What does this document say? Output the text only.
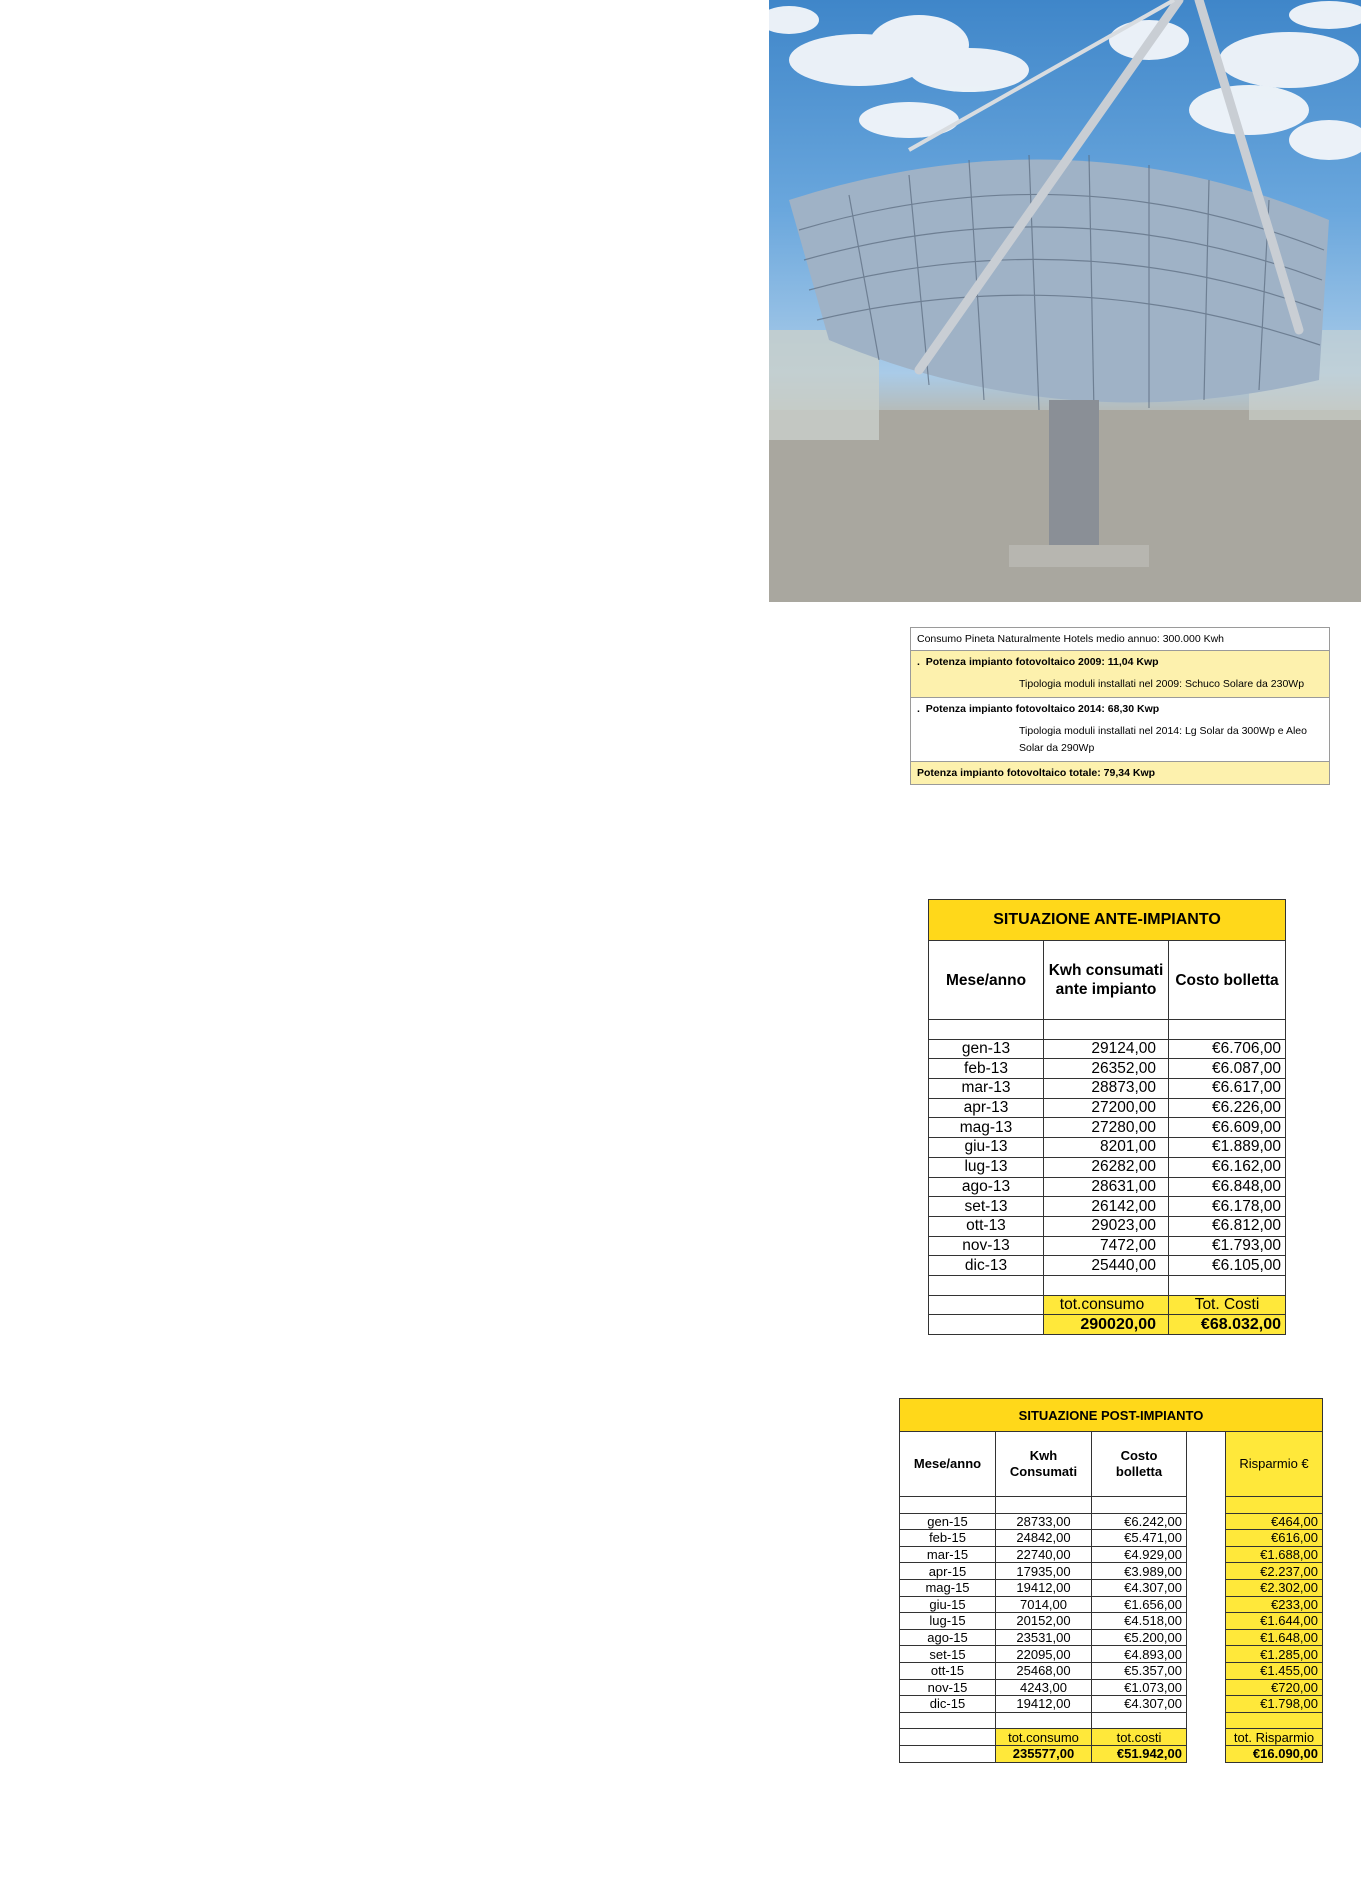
Consumo Pineta Naturalmente Hotels medio annuo: 300.000 Kwh
. Potenza impianto fotovoltaico 2009: 11,04 Kwp
Tipologia moduli installati nel 2009: Schuco Solare da 230Wp

. Potenza impianto fotovoltaico 2014: 68,30 Kwp
Tipologia moduli installati nel 2014: Lg Solar da 300Wp e Aleo Solar da 290Wp

Potenza impianto fotovoltaico totale: 79,34 Kwp
SITUAZIONE ANTE-IMPIANTO		
Mese/anno	Kwh consumati ante impianto	Costo bolletta

gen-13	29124,00	€6.706,00
feb-13	26352,00	€6.087,00
mar-13	28873,00	€6.617,00
apr-13	27200,00	€6.226,00
mag-13	27280,00	€6.609,00
giu-13	8201,00	€1.889,00
lug-13	26282,00	€6.162,00
ago-13	28631,00	€6.848,00
set-13	26142,00	€6.178,00
ott-13	29023,00	€6.812,00
nov-13	7472,00	€1.793,00
dic-13	25440,00	€6.105,00

	tot.consumo	Tot. Costi
	290020,00	€68.032,00
SITUAZIONE POST-IMPIANTO				
Mese/anno	Kwh Consumati	Costo bolletta		Risparmio €

gen-15	28733,00	€6.242,00		€464,00
feb-15	24842,00	€5.471,00		€616,00
mar-15	22740,00	€4.929,00		€1.688,00
apr-15	17935,00	€3.989,00		€2.237,00
mag-15	19412,00	€4.307,00		€2.302,00
giu-15	7014,00	€1.656,00		€233,00
lug-15	20152,00	€4.518,00		€1.644,00
ago-15	23531,00	€5.200,00		€1.648,00
set-15	22095,00	€4.893,00		€1.285,00
ott-15	25468,00	€5.357,00		€1.455,00
nov-15	4243,00	€1.073,00		€720,00
dic-15	19412,00	€4.307,00		€1.798,00

	tot.consumo	tot.costi		tot. Risparmio
	235577,00	€51.942,00		€16.090,00
